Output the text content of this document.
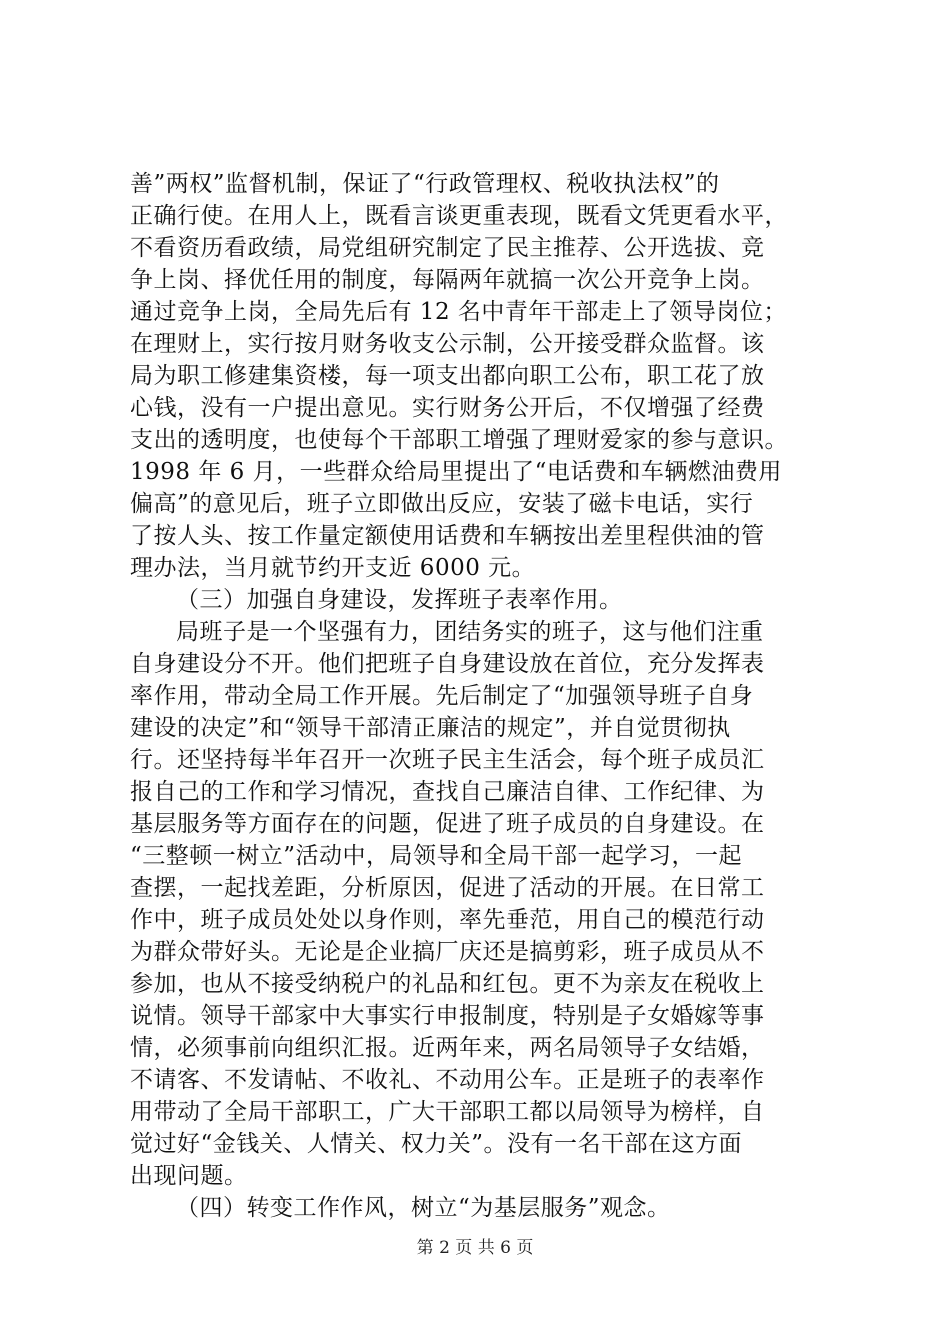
善”两权”监督机制，保证了“行政管理权、税收执法权”的
正确行使。在用人上，既看言谈更重表现，既看文凭更看水平，
不看资历看政绩，局党组研究制定了民主推荐、公开选拔、竞
争上岗、择优任用的制度，每隔两年就搞一次公开竞争上岗。
通过竞争上岗，全局先后有 12 名中青年干部走上了领导岗位；
在理财上，实行按月财务收支公示制，公开接受群众监督。该
局为职工修建集资楼，每一项支出都向职工公布，职工花了放
心钱，没有一户提出意见。实行财务公开后，不仅增强了经费
支出的透明度，也使每个干部职工增强了理财爱家的参与意识。
1998 年 6 月，一些群众给局里提出了“电话费和车辆燃油费用
偏高”的意见后，班子立即做出反应，安装了磁卡电话，实行
了按人头、按工作量定额使用话费和车辆按出差里程供油的管
理办法，当月就节约开支近 6000 元。
（三）加强自身建设，发挥班子表率作用。
局班子是一个坚强有力，团结务实的班子，这与他们注重
自身建设分不开。他们把班子自身建设放在首位，充分发挥表
率作用，带动全局工作开展。先后制定了“加强领导班子自身
建设的决定”和“领导干部清正廉洁的规定”，并自觉贯彻执
行。还坚持每半年召开一次班子民主生活会，每个班子成员汇
报自己的工作和学习情况，查找自己廉洁自律、工作纪律、为
基层服务等方面存在的问题，促进了班子成员的自身建设。在
“三整顿一树立”活动中，局领导和全局干部一起学习，一起
查摆，一起找差距，分析原因，促进了活动的开展。在日常工
作中，班子成员处处以身作则，率先垂范，用自己的模范行动
为群众带好头。无论是企业搞厂庆还是搞剪彩，班子成员从不
参加，也从不接受纳税户的礼品和红包。更不为亲友在税收上
说情。领导干部家中大事实行申报制度，特别是子女婚嫁等事
情，必须事前向组织汇报。近两年来，两名局领导子女结婚，
不请客、不发请帖、不收礼、不动用公车。正是班子的表率作
用带动了全局干部职工，广大干部职工都以局领导为榜样，自
觉过好“金钱关、人情关、权力关”。没有一名干部在这方面
出现问题。
（四）转变工作作风，树立“为基层服务”观念。
第 2 页 共 6 页
